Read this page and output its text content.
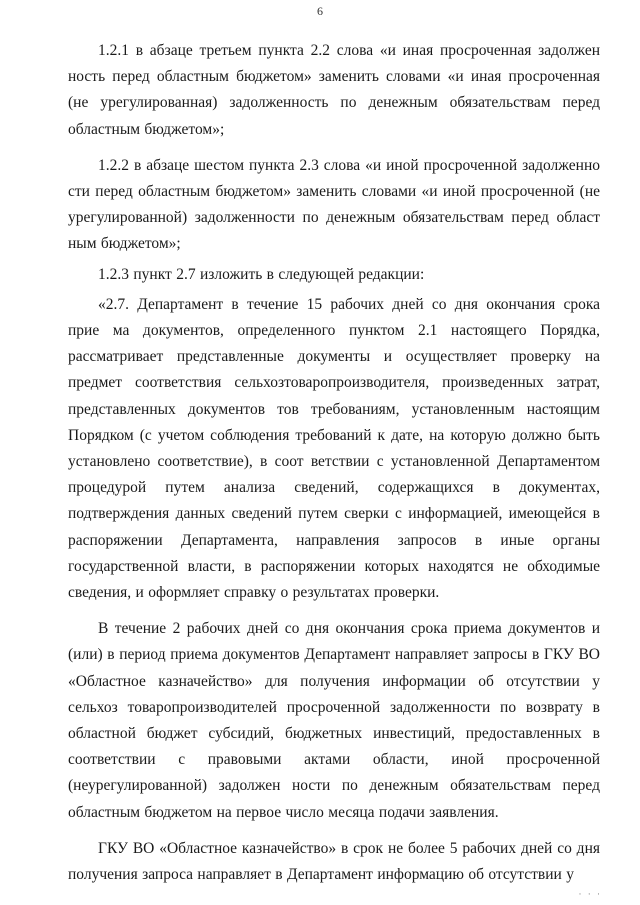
6

1.2.1 в абзаце третьем пункта 2.2 слова «и иная просроченная задолжен ность перед областным бюджетом» заменить словами «и иная просроченная (не урегулированная) задолженность по денежным обязательствам перед областным бюджетом»;

1.2.2 в абзаце шестом пункта 2.3 слова «и иной просроченной задолженно сти перед областным бюджетом» заменить словами «и иной просроченной (не урегулированной) задолженности по денежным обязательствам перед област ным бюджетом»;

1.2.3 пункт 2.7 изложить в следующей редакции:

«2.7. Департамент в течение 15 рабочих дней со дня окончания срока прие ма документов, определенного пунктом 2.1 настоящего Порядка, рассматривает представленные документы и осуществляет проверку на предмет соответствия сельхозтоваропроизводителя, произведенных затрат, представленных документов тов требованиям, установленным настоящим Порядком (с учетом соблюдения требований к дате, на которую должно быть установлено соответствие), в соот ветствии с установленной Департаментом процедурой путем анализа сведений, содержащихся в документах, подтверждения данных сведений путем сверки с информацией, имеющейся в распоряжении Департамента, направления запросов в иные органы государственной власти, в распоряжении которых находятся не обходимые сведения, и оформляет справку о результатах проверки.

В течение 2 рабочих дней со дня окончания срока приема документов и (или) в период приема документов Департамент направляет запросы в ГКУ ВО «Областное казначейство» для получения информации об отсутствии у сельхоз товаропроизводителей просроченной задолженности по возврату в областной бюджет субсидий, бюджетных инвестиций, предоставленных в соответствии с правовыми актами области, иной просроченной (неурегулированной) задолжен ности по денежным обязательствам перед областным бюджетом на первое число месяца подачи заявления.

ГКУ ВО «Областное казначейство» в срок не более 5 рабочих дней со дня получения запроса направляет в Департамент информацию об отсутствии у

· · ·
